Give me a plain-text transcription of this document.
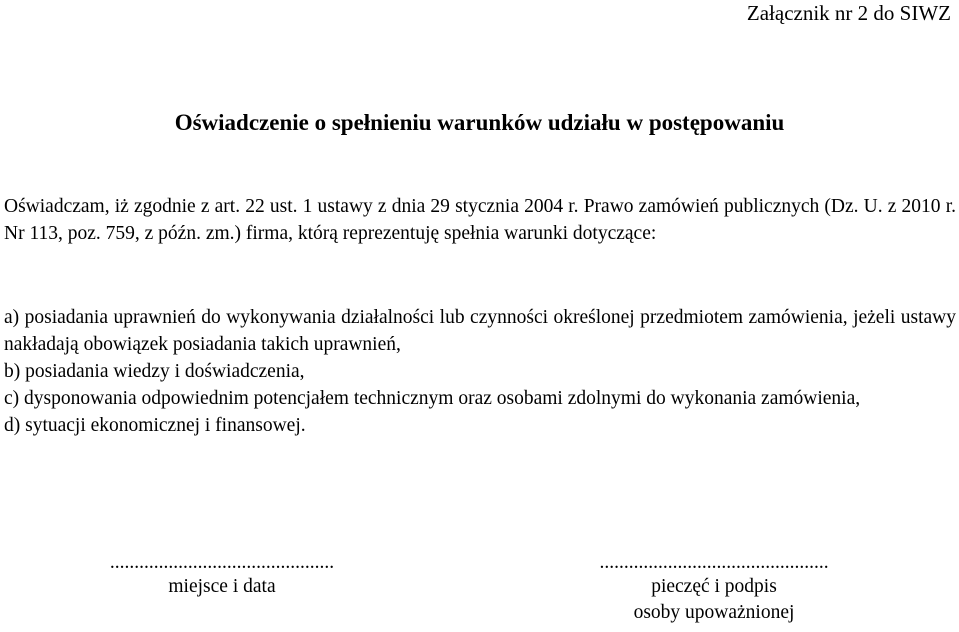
Załącznik nr 2 do SIWZ
Oświadczenie o spełnieniu warunków udziału w postępowaniu

Oświadczam, iż zgodnie z art. 22 ust. 1 ustawy z dnia 29 stycznia 2004 r. Prawo zamówień publicznych (Dz. U. z 2010 r. Nr 113, poz. 759, z późn. zm.) firma, którą reprezentuję spełnia warunki dotyczące:

a) posiadania uprawnień do wykonywania działalności lub czynności określonej przedmiotem zamówienia, jeżeli ustawy nakładają obowiązek posiadania takich uprawnień,
b) posiadania wiedzy i doświadczenia,
c) dysponowania odpowiednim potencjałem technicznym oraz osobami zdolnymi do wykonania zamówienia,
d) sytuacji ekonomicznej i finansowej.
..............................................
miejsce i data
...............................................
pieczęć i podpis
osoby upoważnionej
